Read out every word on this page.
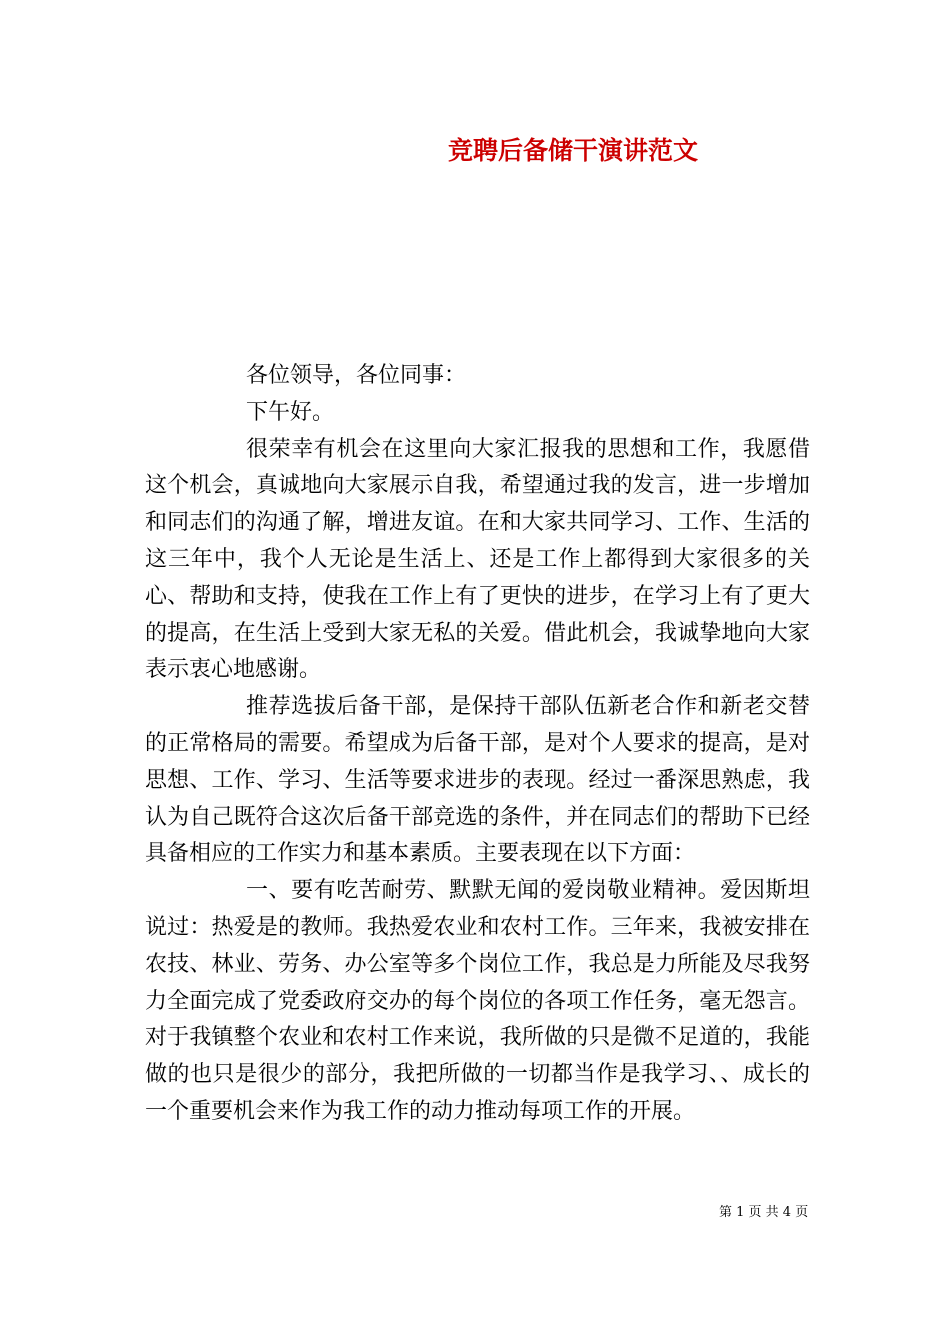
竞聘后备储干演讲范文

各位领导，各位同事：

下午好。

很荣幸有机会在这里向大家汇报我的思想和工作，我愿借这个机会，真诚地向大家展示自我，希望通过我的发言，进一步增加和同志们的沟通了解，增进友谊。在和大家共同学习、工作、生活的这三年中，我个人无论是生活上、还是工作上都得到大家很多的关心、帮助和支持，使我在工作上有了更快的进步，在学习上有了更大的提高，在生活上受到大家无私的关爱。借此机会，我诚挚地向大家表示衷心地感谢。

推荐选拔后备干部，是保持干部队伍新老合作和新老交替的正常格局的需要。希望成为后备干部，是对个人要求的提高，是对思想、工作、学习、生活等要求进步的表现。经过一番深思熟虑，我认为自己既符合这次后备干部竞选的条件，并在同志们的帮助下已经具备相应的工作实力和基本素质。主要表现在以下方面：

一、要有吃苦耐劳、默默无闻的爱岗敬业精神。爱因斯坦说过：热爱是的教师。我热爱农业和农村工作。三年来，我被安排在农技、林业、劳务、办公室等多个岗位工作，我总是力所能及尽我努力全面完成了党委政府交办的每个岗位的各项工作任务，毫无怨言。对于我镇整个农业和农村工作来说，我所做的只是微不足道的，我能做的也只是很少的部分，我把所做的一切都当作是我学习、、成长的一个重要机会来作为我工作的动力推动每项工作的开展。

第 1 页 共 4 页
